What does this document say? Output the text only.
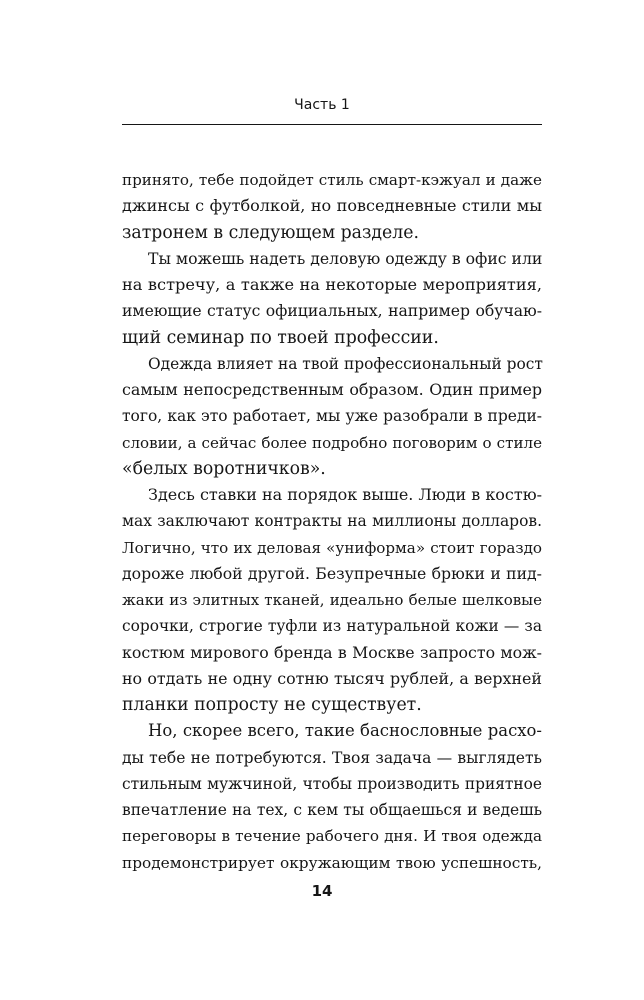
Часть 1
принято, тебе подойдет стиль смарт-кэжуал и даже
джинсы с футболкой, но повседневные стили мы
затронем в следующем разделе.
Ты можешь надеть деловую одежду в офис или
на встречу, а также на некоторые мероприятия,
имеющие статус официальных, например обучаю-
щий семинар по твоей профессии.
Одежда влияет на твой профессиональный рост
самым непосредственным образом. Один пример
того, как это работает, мы уже разобрали в преди-
словии, а сейчас более подробно поговорим о стиле
«белых воротничков».
Здесь ставки на порядок выше. Люди в костю-
мах заключают контракты на миллионы долларов.
Логично, что их деловая «униформа» стоит гораздо
дороже любой другой. Безупречные брюки и пид-
жаки из элитных тканей, идеально белые шелковые
сорочки, строгие туфли из натуральной кожи — за
костюм мирового бренда в Москве запросто мож-
но отдать не одну сотню тысяч рублей, а верхней
планки попросту не существует.
Но, скорее всего, такие баснословные расхо-
ды тебе не потребуются. Твоя задача — выглядеть
стильным мужчиной, чтобы производить приятное
впечатление на тех, с кем ты общаешься и ведешь
переговоры в течение рабочего дня. И твоя одежда
продемонстрирует окружающим твою успешность,
14
